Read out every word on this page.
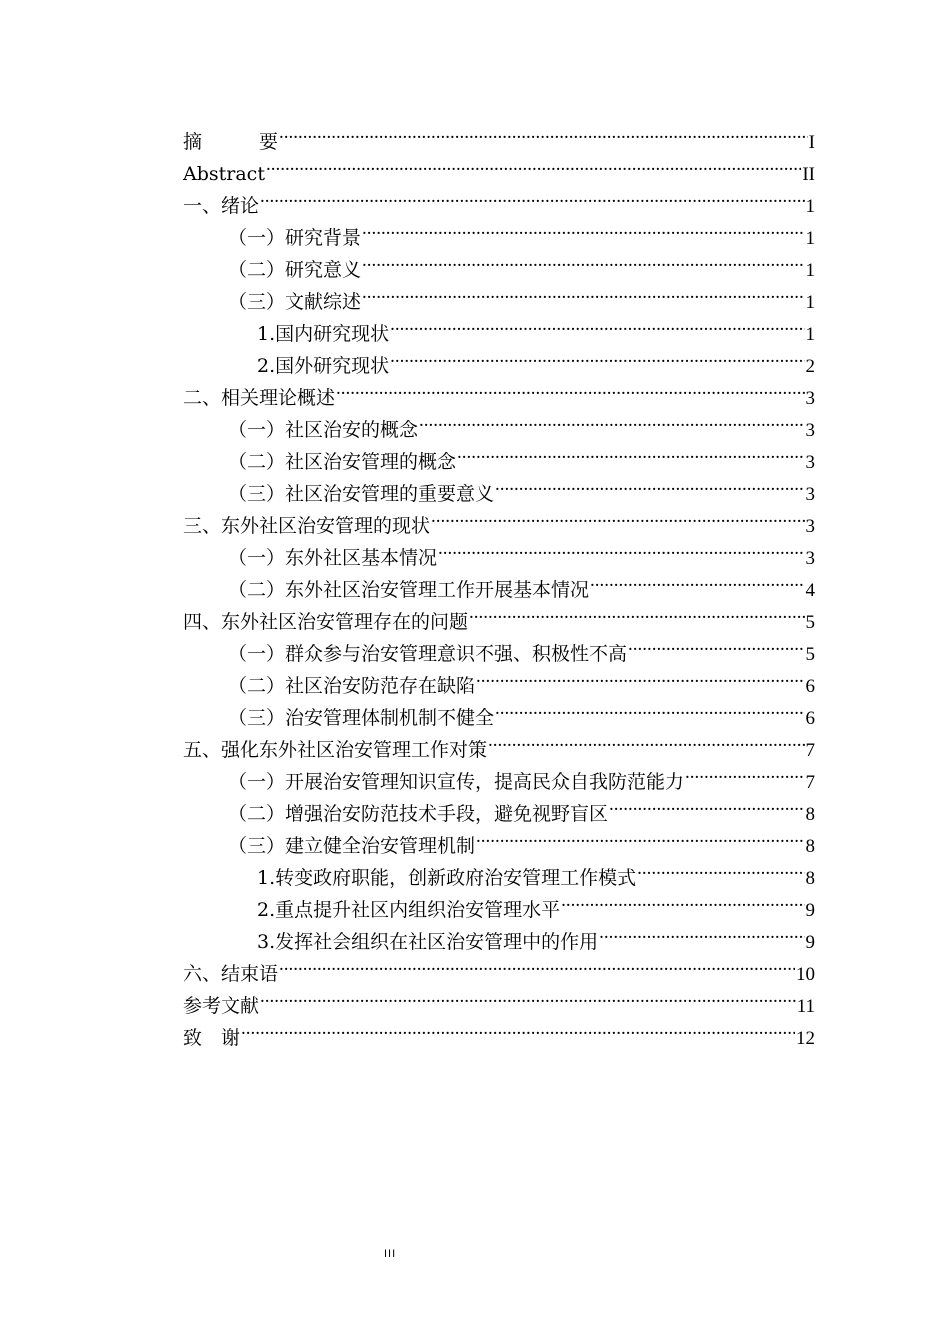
摘　　　要 .....	I
Abstract .....	II
一、绪论 .....	1
（一）研究背景 .....	1
（二）研究意义 .....	1
（三）文献综述 .....	1
1.国内研究现状 .....	1
2.国外研究现状 .....	2
二、相关理论概述 .....	3
（一）社区治安的概念 .....	3
（二）社区治安管理的概念 .....	3
（三）社区治安管理的重要意义 .....	3
三、东外社区治安管理的现状 .....	3
（一）东外社区基本情况 .....	3
（二）东外社区治安管理工作开展基本情况 .....	4
四、东外社区治安管理存在的问题 .....	5
（一）群众参与治安管理意识不强、积极性不高 .....	5
（二）社区治安防范存在缺陷 .....	6
（三）治安管理体制机制不健全 .....	6
五、强化东外社区治安管理工作对策 .....	7
（一）开展治安管理知识宣传，提高民众自我防范能力 .....	7
（二）增强治安防范技术手段，避免视野盲区 .....	8
（三）建立健全治安管理机制 .....	8
1.转变政府职能，创新政府治安管理工作模式 .....	8
2.重点提升社区内组织治安管理水平 .....	9
3.发挥社会组织在社区治安管理中的作用 .....	9
六、结束语 .....	10
参考文献 .....	11
致　谢 .....	12
III
